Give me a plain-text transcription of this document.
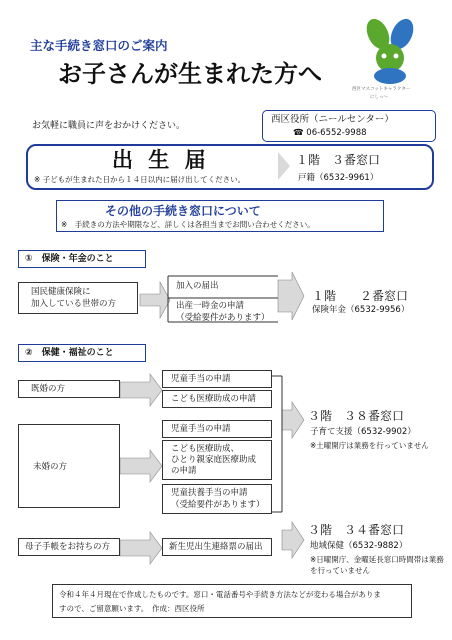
主な手続き窓口のご案内
お子さんが生まれた方へ
西区マスコットキャラクター
にしっ〜
お気軽に職員に声をおかけください。
西区役所（ニールセンター）
☎ 06-6552-9988
出 生 届
※ 子どもが生まれた日から１４日以内に届け出してください。
１階　３番窓口
戸籍（6532-9961）
その他の手続き窓口について
※　手続きの方法や期限など、詳しくは各担当までお問い合わせください。
①　保険・年金のこと
国民健康保険に
加入している世帯の方
加入の届出
出産一時金の申請
（受給要件があります）
１階　　２番窓口
保険年金（6532-9956）
②　保健・福祉のこと
既婚の方
児童手当の申請
こども医療助成の申請
未婚の方
児童手当の申請
こども医療助成、
ひとり親家庭医療助成
の申請
児童扶養手当の申請
（受給要件があります）
３階　３８番窓口
子育て支援（6532-9902）
※土曜開庁は業務を行っていません
母子手帳をお持ちの方	新生児出生連絡票の届出
３階　３４番窓口
地域保健（6532-9882）
※日曜開庁、金曜延長窓口時間帯は業務
を行っていません
令和４年４月現在で作成したものです。窓口・電話番号や手続き方法などが変わる場合がありま
すので、ご留意願います。　作成：西区役所
